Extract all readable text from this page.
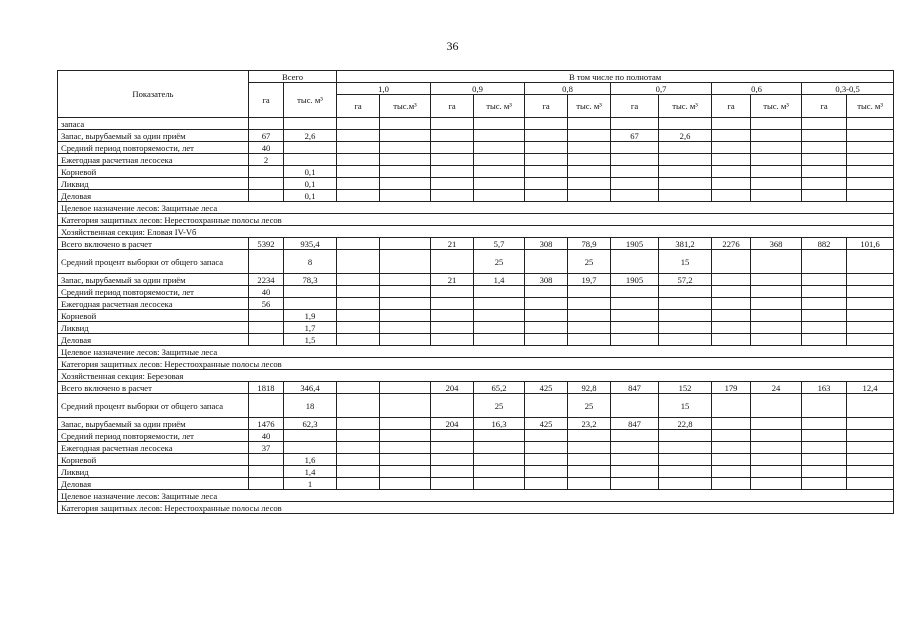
36
Показатель	Всего		В том числе по полнотам											
	га	тыс. м³	1,0		0,9		0,8		0,7		0,6		0,3-0,5	
			га	тыс.м³	га	тыс. м³	га	тыс. м³	га	тыс. м³	га	тыс. м³	га	тыс. м³
запаса														
Запас, вырубаемый за один приём	67	2,6							67	2,6				
Средний период повторяемости, лет	40													
Ежегодная расчетная лесосека	2													
Корневой		0,1												
Ликвид		0,1												
Деловая		0,1												
Целевое назначение лесов: Защитные леса														
Категория защитных лесов: Нерестоохранные полосы лесов														
Хозяйственная секция: Еловая IV-Vб														
Всего включено в расчет	5392	935,4			21	5,7	308	78,9	1905	381,2	2276	368	882	101,6
Средний процент выборки от общего запаса		8				25		25		15				
Запас, вырубаемый за один приём	2234	78,3			21	1,4	308	19,7	1905	57,2				
Средний период повторяемости, лет	40													
Ежегодная расчетная лесосека	56													
Корневой		1,9												
Ликвид		1,7												
Деловая		1,5												
Целевое назначение лесов: Защитные леса														
Категория защитных лесов: Нерестоохранные полосы лесов														
Хозяйственная секция: Березовая														
Всего включено в расчет	1818	346,4			204	65,2	425	92,8	847	152	179	24	163	12,4
Средний процент выборки от общего запаса		18				25		25		15				
Запас, вырубаемый за один приём	1476	62,3			204	16,3	425	23,2	847	22,8				
Средний период повторяемости, лет	40													
Ежегодная расчетная лесосека	37													
Корневой		1,6												
Ликвид		1,4												
Деловая		1												
Целевое назначение лесов: Защитные леса														
Категория защитных лесов: Нерестоохранные полосы лесов														
